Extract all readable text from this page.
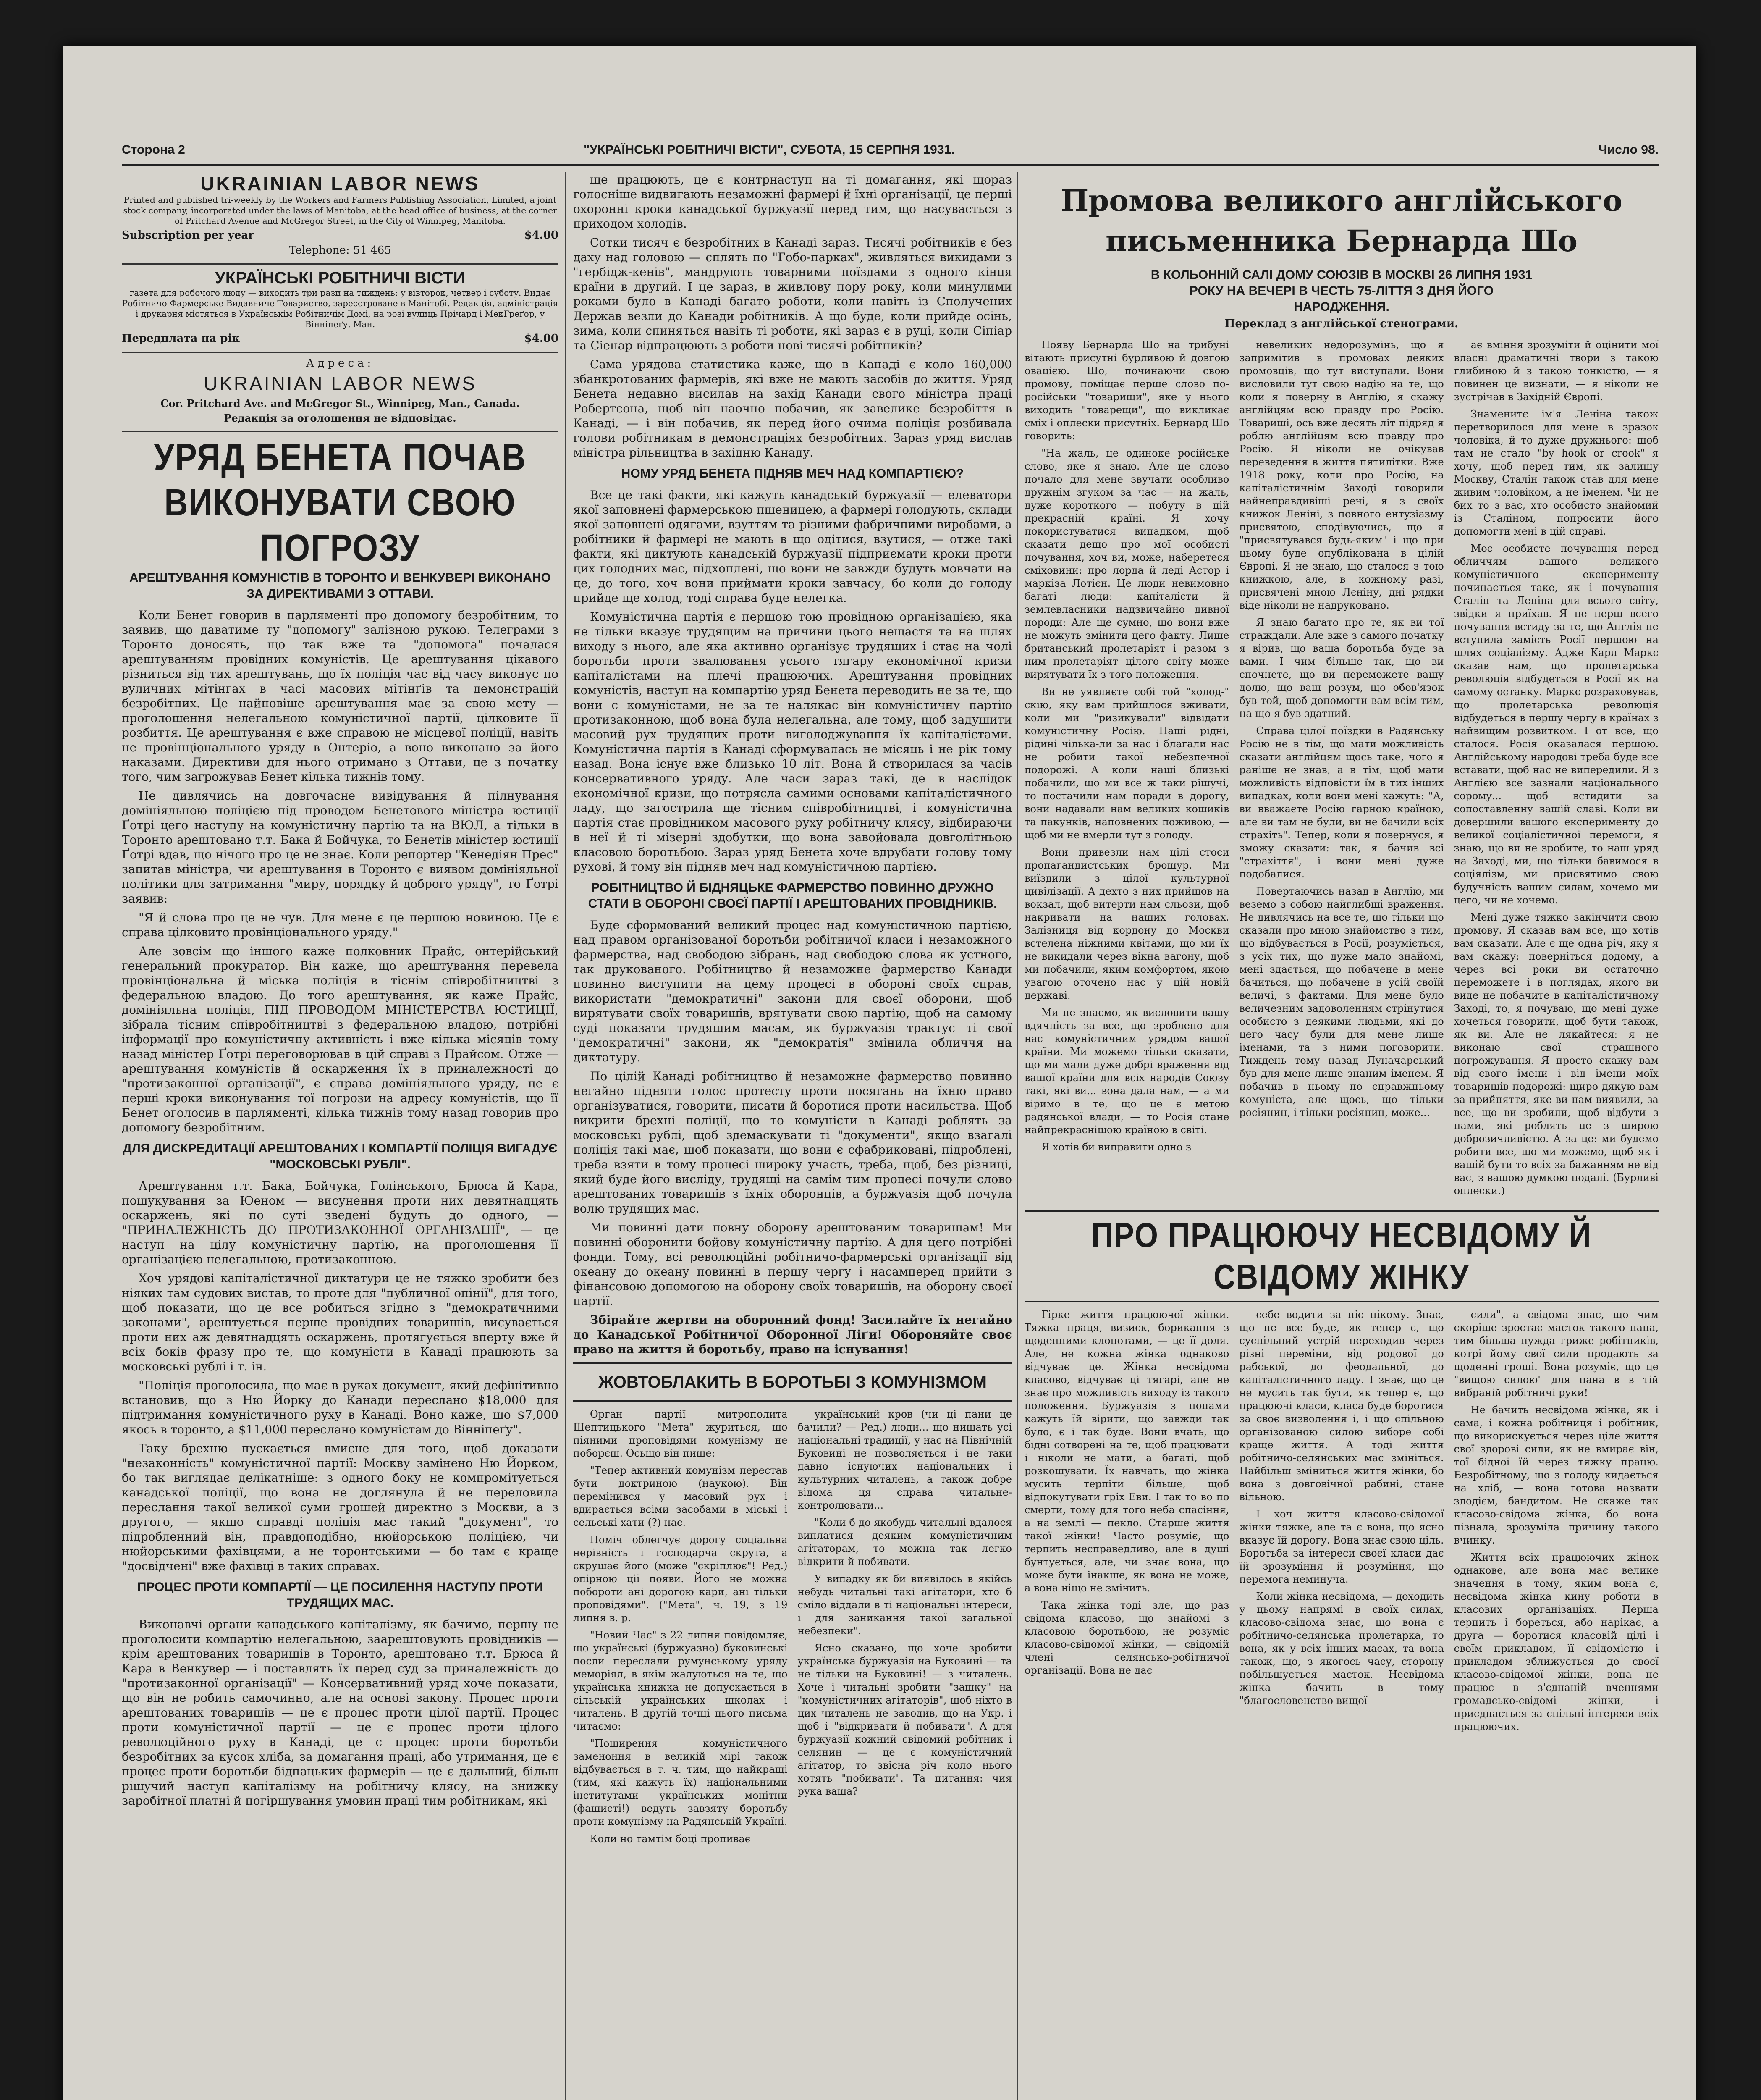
Сторона 2	"УКРАЇНСЬКІ РОБІТНИЧІ ВІСТИ", СУБОТА, 15 СЕРПНЯ 1931.	Число 98.
UKRAINIAN LABOR NEWS
Printed and published tri-weekly by the Workers and Farmers Publishing Association, Limited, a joint stock company, incorporated under the laws of Manitoba, at the head office of business, at the corner of Pritchard Avenue and McGregor Street, in the City of Winnipeg, Manitoba.
Subscription per year	$4.00
Telephone: 51 465
УКРАЇНСЬКІ РОБІТНИЧІ ВІСТИ
газета для робочого люду — виходить три рази на тиждень: у вівторок, четвер і суботу. Видає Робітничо-Фармерське Видавниче Товариство, зареєстроване в Манітобі. Редакція, адміністрація і друкарня містяться в Українськім Робітничім Домі, на розі вулиць Прічард і МекГреґор, у Вінніпеґу, Ман.
Передплата на рік	$4.00
Адреса:
UKRAINIAN LABOR NEWS
Cor. Pritchard Ave. and McGregor St., Winnipeg, Man., Canada.
Редакція за оголошення не відповідає.
УРЯД БЕНЕТА ПОЧАВ ВИКОНУВАТИ СВОЮ ПОГРОЗУ
АРЕШТУВАННЯ КОМУНІСТІВ В ТОРОНТО И ВЕНКУВЕРІ ВИКОНАНО ЗА ДИРЕКТИВАМИ З ОТТАВИ.

Коли Бенет говорив в парляменті про допомогу безробітним, то заявив, що даватиме ту "допомогу" залізною рукою. Телеграми з Торонто доносять, що так вже та "допомога" почалася арештуванням провідних комуністів. Це арештування цікавого різниться від тих арештувань, що їх поліція чає від часу виконує по вуличних мітінгах в часі масових мітінґів та демонстрацій безробітних. Це найновіше арештування має за свою мету — проголошення нелегальною комуністичної партії, цілковите її розбиття. Це арештування є вже справою не місцевої поліції, навіть не провінціонального уряду в Онтеріо, а воно виконано за його наказами. Директиви для нього отримано з Оттави, це з початку того, чим загрожував Бенет кілька тижнів тому.

Не дивлячись на довгочасне вивідування й пілнування домініяльною поліцією під проводом Бенетового міністра юстиції Ґотрі цего наступу на комуністичну партію та на ВЮЛ, а тільки в Торонто арештовано т.т. Бака й Бойчука, то Бенетів міністер юстиції Ґотрі вдав, що нічого про це не знає. Коли репортер "Кенедіян Прес" запитав міністра, чи арештування в Торонто є виявом домініяльної політики для затримання "миру, порядку й доброго уряду", то Ґотрі заявив:

"Я й слова про це не чув. Для мене є це першою новиною. Це є справа цілковито провінціонального уряду."

Але зовсім що іншого каже полковник Прайс, онтерійський генеральний прокуратор. Він каже, що арештування перевела провінціональна й міська поліція в тіснім співробітництві з федеральною владою. До того арештування, як каже Прайс, домініяльна поліція, ПІД ПРОВОДОМ МІНІСТЕРСТВА ЮСТИЦІЇ, зібрала тісним співробітництві з федеральною владою, потрібні інформації про комуністичну активність і вже кілька місяців тому назад міністер Ґотрі переговорював в цій справі з Прайсом. Отже — арештування комуністів й оскарження їх в приналежності до "протизаконної організації", є справа домініяльного уряду, це є перші кроки виконування тої погрози на адресу комуністів, що її Бенет оголосив в парляменті, кілька тижнів тому назад говорив про допомогу безробітним.

ДЛЯ ДИСКРЕДИТАЦІЇ АРЕШТОВАНИХ І КОМПАРТІЇ ПОЛІЦІЯ ВИГАДУЄ "МОСКОВСЬКІ РУБЛІ".

Арештування т.т. Бака, Бойчука, Голінського, Брюса й Кара, пошукування за Юеном — висунення проти них девятнадцять оскаржень, які по суті зведені будуть до одного, — "ПРИНАЛЕЖНІСТЬ ДО ПРОТИЗАКОННОЇ ОРГАНІЗАЦІЇ", — це наступ на цілу комуністичну партію, на проголошення її організацією нелегальною, протизаконною.

Хоч урядові капіталістичної диктатури це не тяжко зробити без ніяких там судових вистав, то проте для "публичної опінії", для того, щоб показати, що це все робиться згідно з "демократичними законами", арештується перше провідних товаришів, висувається проти них аж девятнадцять оскаржень, протягується вперту вже й всіх боків фразу про те, що комуністи в Канаді працюють за московські рублі і т. ін.

"Поліція проголосила, що має в руках документ, який дефінітивно встановив, що з Ню Йорку до Канади переслано $18,000 для підтримання комуністичного руху в Канаді. Воно каже, що $7,000 якось в торонто, а $11,000 переслано комуністам до Вінніпеґу".

Таку брехню пускається вмисне для того, щоб доказати "незаконність" комуністичної партії: Москву замінено Ню Йорком, бо так виглядає делікатніше: з одного боку не компромітується канадської поліції, що вона не доглянула й не переловила переслання такої великої суми грошей директно з Москви, а з другого, — якщо справді поліція має такий "документ", то підробленний він, правдоподібно, нюйорською поліцією, чи нюйорськими фахівцями, а не торонтськими — бо там є краще "досвідчені" вже фахівці в таких справах.

ПРОЦЕС ПРОТИ КОМПАРТІЇ — ЦЕ ПОСИЛЕННЯ НАСТУПУ ПРОТИ ТРУДЯЩИХ МАС.

Виконавчі органи канадського капіталізму, як бачимо, першу не проголосити компартію нелегальною, заарештовують провідників — крім арештованих товаришів в Торонто, арештовано т.т. Брюса й Кара в Венкувер — і поставлять їх перед суд за приналежність до "протизаконної організації" — Консервативний уряд хоче показати, що він не робить самочинно, але на основі закону. Процес проти арештованих товаришів — це є процес проти цілої партії. Процес проти комуністичної партії — це є процес проти цілого революційного руху в Канаді, це є процес проти боротьби безробітних за кусок хліба, за домагання праці, або утримання, це є процес проти боротьби біднацьких фармерів — це є дальший, більш рішучий наступ капіталізму на робітничу клясу, на знижку заробітної платні й погіршування умовин праці тим робітникам, які

ще працюють, це є контрнаступ на ті домагання, які щораз голосніше видвигають незаможні фармері й їхні організації, це перші охоронні кроки канадської буржуазії перед тим, що насувається з приходом холодів.

Сотки тисяч є безробітних в Канаді зараз. Тисячі робітників є без даху над головою — сплять по "Гобо-парках", живляться викидами з "ґербідж-кенів", мандрують товарними поїздами з одного кінця країни в другий. І це зараз, в живлову пору року, коли минулими роками було в Канаді багато роботи, коли навіть із Сполучених Держав везли до Канади робітників. А що буде, коли прийде осінь, зима, коли спиняться навіть ті роботи, які зараз є в руці, коли Сіпіар та Сіенар відпрацюють з роботи нові тисячі робітників?

Сама урядова статистика каже, що в Канаді є коло 160,000 збанкротованих фармерів, які вже не мають засобів до життя. Уряд Бенета недавно висилав на захід Канади свого міністра праці Робертсона, щоб він наочно побачив, як завелике безробіття в Канаді, — і він побачив, як перед його очима поліція розбивала голови робітникам в демонстраціях безробітних. Зараз уряд вислав міністра рільництва в західню Канаду.

НОМУ УРЯД БЕНЕТА ПІДНЯВ МЕЧ НАД КОМПАРТІЄЮ?

Все це такі факти, які кажуть канадській буржуазії — елеватори якої заповнені фармерською пшеницею, а фармері голодують, склади якої заповнені одягами, взуттям та різними фабричними виробами, а робітники й фармері не мають в що одітися, взутися, — отже такі факти, які диктують канадській буржуазії підприємати кроки проти цих голодних мас, підхоплені, що вони не завжди будуть мовчати на це, до того, хоч вони приймати кроки завчасу, бо коли до голоду прийде ще холод, тоді справа буде нелегка.

Комуністична партія є першою тою провідною організацією, яка не тільки вказує трудящим на причини цього нещастя та на шлях виходу з нього, але яка активно організує трудящих і стає на чолі боротьби проти звалювання усього тягару економічної кризи капіталістами на плечі працюючих. Арештування провідних комуністів, наступ на компартію уряд Бенета переводить не за те, що вони є комуністами, не за те налякає він комуністичну партію протизаконною, щоб вона була нелегальна, але тому, щоб задушити масовий рух трудящих проти виголоджування їх капіталістами. Комуністична партія в Канаді сформувалась не місяць і не рік тому назад. Вона існує вже близько 10 літ. Вона й створилася за часів консервативного уряду. Але часи зараз такі, де в наслідок економічної кризи, що потрясла самими основами капіталістичного ладу, що загострила ще тісним співробітництві, і комуністична партія стає провідником масового руху робітничу клясу, відбираючи в неї й ті мізерні здобутки, що вона завойовала довголітньою класовою боротьбою. Зараз уряд Бенета хоче вдрубати голову тому рухові, й тому він підняв меч над комуністичною партією.

РОБІТНИЦТВО Й БІДНЯЦЬКЕ ФАРМЕРСТВО ПОВИННО ДРУЖНО СТАТИ В ОБОРОНІ СВОЄЇ ПАРТІЇ І АРЕШТОВАНИХ ПРОВІДНИКІВ.

Буде сформований великий процес над комуністичною партією, над правом організованої боротьби робітничої класи і незаможного фармерства, над свободою зібрань, над свободою слова як устного, так друкованого. Робітництво й незаможне фармерство Канади повинно виступити на цему процесі в обороні своїх справ, використати "демократичні" закони для своєї оборони, щоб вирятувати своїх товаришів, врятувати свою партію, щоб на самому суді показати трудящим масам, як буржуазія трактує ті свої "демократичні" закони, як "демократія" змінила обличчя на диктатуру.

По цілій Канаді робітництво й незаможне фармерство повинно негайно підняти голос протесту проти посягань на їхню право організуватися, говорити, писати й боротися проти насильства. Щоб викрити брехні поліції, що то комуністи в Канаді роблять за московські рублі, щоб здемаскувати ті "документи", якщо взагалі поліція такі має, щоб показати, що вони є сфабриковані, підроблені, треба взяти в тому процесі широку участь, треба, щоб, без різниці, який буде його висліду, трудящі на самім тим процесі почули слово арештованих товаришів з їхніх оборонців, а буржуазія щоб почула волю трудящих мас.

Ми повинні дати повну оборону арештованим товаришам! Ми повинні оборонити бойову комуністичну партію. А для цего потрібні фонди. Тому, всі революційні робітничо-фармерські організації від океану до океану повинні в першу чергу і насамперед прийти з фінансовою допомогою на оборону своїх товаришів, на оборону своєї партії.

Збірайте жертви на оборонний фонд! Засилайте їх негайно до Канадської Робітничої Оборонної Ліґи! Обороняйте своє право на життя й боротьбу, право на існування!

ЖОВТОБЛАКИТЬ В БОРОТЬБІ З КОМУНІЗМОМ

Орган партії митрополита Шептицького "Мета" журиться, що піяними проповідями комунізму не поборєш. Осьщо він пише:

"Тепер активний комунізм перестав бути доктриною (наукою). Він перемінився у масовий рух і вдирається всіми засобами в міські і сельські хати (?) нас.

Поміч облегчує дорогу соціальна нерівність і господарча скрута, а скрушає його (може "скріплює"! Ред.) опірною ції появи. Його не можна побороти ані дорогою кари, ані тільки проповідями". ("Мета", ч. 19, з 19 липня в. р.

"Новий Час" з 22 липня повідомляє, що українські (буржуазно) буковинські посли переслали румунському уряду меморіял, в якім жалуються на те, що українська книжка не допускається в сільській українських школах і читалень. В другій точці цього письма читаємо:

"Поширення комуністичного заменоння в великій мірі також відбувається в т. ч. тим, що найкращі (тим, які кажуть їх) національними інститутами українських монітни (фашисті!) ведуть завзяту боротьбу проти комунізму на Радянській Україні.

Коли но тамтім боці пропиває

український кров (чи ці пани це бачили? — Ред.) люди... що нищать усі національні традиції, у нас на Північній Буковині не позволяється і не таки давно існуючих національних і культурних читалень, а також добре відома ця справа читальне-контролювати...

"Коли б до якобудь читальні вдалося виплатися деяким комуністичним агітаторам, то можна так легко відкрити й побивати.

У випадку як би виявілось в якійсь небудь читальні такі агітатори, хто б сміло віддали в ті національні інтереси, і для заникання такої загальної небезпеки".

Ясно сказано, що хоче зробити українська буржуазія на Буковині — та не тільки на Буковині! — з читалень. Хоче і читальні зробити "зашку" на "комуністичних агітаторів", щоб ніхто в цих читалень не заводив, що на Укр. і щоб і "відкривати й побивати". А для буржуазії кожний свідомий робітник і селянин — це є комуністичний агітатор, то звісна річ коло нього хотять "побивати". Та питання: чия рука ваща?

Промова великого англійського письменника Бернарда Шо
В КОЛЬОННІЙ САЛІ ДОМУ СОЮЗІВ В МОСКВІ 26 ЛИПНЯ 1931 РОКУ НА ВЕЧЕРІ В ЧЕСТЬ 75-ЛІТТЯ З ДНЯ ЙОГО НАРОДЖЕННЯ.
Переклад з англійської стенограми.

Появу Бернарда Шо на трибуні вітають присутні бурливою й довгою овацією. Шо, починаючи свою промову, поміщає перше слово по-російськи "товарищи", яке у нього виходить "товарещи", що викликає сміх і оплески присутніх. Бернард Шо говорить:

"На жаль, це одиноке російське слово, яке я знаю. Але це слово почало для мене звучати особливо дружнім згуком за час — на жаль, дуже короткого — побуту в цій прекрасній країні. Я хочу покористуватися випадком, щоб сказати дещо про мої особисті почування, хоч ви, може, наберетеся сміховини: про лорда й леді Астор і маркіза Лотієн. Це люди невимовно багаті люди: капіталісти й землевласники надзвичайно дивної породи: Але ще сумно, що вони вже не можуть змінити цего факту. Лише британський пролетаріят і разом з ним пролетаріят цілого світу може вирятувати їх з того положення.

Ви не уявляєте собі той "холод-" скію, яку вам прийшлося вживати, коли ми "ризикували" відвідати комуністичну Росію. Наші рідні, рідині чілька-ли за нас і благали нас не робити такої небезпечної подорожі. А коли наші близькі побачили, що ми все ж таки рішучі, то постачили нам поради в дорогу, вони надавали нам великих кошиків та пакунків, наповнених поживою, — щоб ми не вмерли тут з голоду.

Вони привезли нам цілі стоси пропагандистських брошур. Ми виїздили з цілої культурної цивілізації. А дехто з них прийшов на вокзал, щоб витерти нам сльози, щоб накривати на наших головах. Залізниця від кордону до Москви встелена ніжними квітами, що ми їх не викидали через вікна вагону, щоб ми побачили, яким комфортом, якою увагою оточено нас у цій новій державі.

Ми не знаємо, як висловити вашу вдячність за все, що зроблено для нас комуністичним урядом вашої країни. Ми можемо тільки сказати, що ми мали дуже добрі враження від вашої країни для всіх народів Союзу такі, які ви... вона дала нам, — а ми віримо в те, що це є метою радянської влади, — то Росія стане найпрекраснішою країною в світі.

Я хотів би виправити одно з

невеликих недорозумінь, що я запримітив в промовах деяких промовців, що тут виступали. Вони висловили тут свою надію на те, що коли я поверну в Англію, я скажу англійцям всю правду про Росію. Товариші, ось вже десять літ підряд я роблю англійцям всю правду про Росію. Я ніколи не очікував переведення в життя пятилітки. Вже 1918 року, коли про Росію, на капіталістичнім Заході говорили найнеправдивіші речі, я з своїх книжок Леніні, з повного ентузіазму присвятою, сподівуючись, що я "присвятувався будь-яким" і що при цьому буде опублікована в цілій Європі. Я не знаю, що сталося з тою книжкою, але, в кожному разі, присвячені мною Лєніну, дні рядки віде ніколи не надруковано.

Я знаю багато про те, як ви тої страждали. Але вже з самого початку я вірив, що ваша боротьба буде за вами. І чим більше так, що ви спочнете, що ви переможете вашу долю, що ваш розум, що обов'язок був той, щоб допомогти вам всім тим, на що я був здатний.

Справа цілої поїздки в Радянську Росію не в тім, що мати можливість сказати англійцям щось таке, чого я раніше не знав, а в тім, щоб мати можливість відповісти їм в тих інших випадках, коли вони мені кажуть: "А, ви вважаєте Росію гарною країною, але ви там не були, ви не бачили всіх страхіть". Тепер, коли я повернуся, я зможу сказати: так, я бачив всі "страхіття", і вони мені дуже подобалися.

Повертаючись назад в Англію, ми веземо з собою найглибші враження. Не дивлячись на все те, що тільки що сказали про мною знайомство з тим, що відбувається в Росії, розуміється, з усіх тих, що дуже мало знайомі, мені здається, що побачене в мене бачиться, що побачене в усій своїй величі, з фактами. Для мене було величезним задоволенням стрінутися особисто з деякими людьми, які до цего часу були для мене лише іменами, та з ними поговорити. Тиждень тому назад Луначарський був для мене лише знаним іменем. Я побачив в ньому по справжньому комуніста, але щось, що тільки росіянин, і тільки росіянин, може...

ає вміння зрозуміти й оцінити мої власні драматичні твори з такою глибиною й з такою тонкістю, — я повинен це визнати, — я ніколи не зустрічав в Західній Європі.

Знаменитє ім'я Леніна також перетворилося для мене в зразок чоловіка, й то дуже дружнього: щоб там не стало "by hook or crook" я хочу, щоб перед тим, як залишу Москву, Сталін також став для мене живим чоловіком, а не іменем. Чи не бих то з вас, хто особисто знайомий із Сталіном, попросити його допомогти мені в цій справі.

Моє особисте почування перед обличчям вашого великого комуністичного експерименту починається таке, як і почування Сталін та Леніна для всього світу, звідки я приїхав. Я не перш всего почування встиду за те, що Англія не вступила замість Росії першою на шлях соціалізму. Адже Карл Маркс сказав нам, що пролетарська революція відбудеться в Росії як на самому останку. Маркс розраховував, що пролетарська революція відбудеться в першу чергу в країнах з найвищим розвитком. І от все, що сталося. Росія оказалася першою. Англійському народові треба буде все вставати, щоб нас не випередили. Я з Англією все зазнали національного сорому... щоб встидити за сопоставленну вашій славі. Коли ви довершили вашого експерименту до великої соціалістичної перемоги, я знаю, що ви не зробите, то наш уряд на Заході, ми, що тільки бавимося в соціялізм, ми присвятимо свою будучність вашим силам, хочемо ми цего, чи не хочемо.

Мені дуже тяжко закінчити свою промову. Я сказав вам все, що хотів вам сказати. Але є ще одна річ, яку я вам скажу: поверніться додому, а через всі роки ви остаточно переможете і в поглядах, якого ви виде не побачите в капіталістичному Заході, то, я почуваю, що мені дуже хочеться говорити, щоб бути також, як ви. Але не лякайтеся: я не виконаю свої страшного погрожування. Я просто скажу вам від свого імени і від імени моїх товаришів подорожі: щиро дякую вам за прийняття, яке ви нам виявили, за все, що ви зробили, щоб відбути з нами, які роблять це з щирою доброзичливістю. А за це: ми будемо робити все, що ми можемо, щоб як і вашій бути то всіх за бажанням не від вас, з вашою думкою подалі. (Бурливі оплески.)

ПРО ПРАЦЮЮЧУ НЕСВІДОМУ Й СВІДОМУ ЖІНКУ

Гірке життя працюючої жінки. Тяжка праця, визиск, борикання з щоденними клопотами, — це її доля. Але, не кожна жінка однаково відчуває це. Жінка несвідома класово, відчуває ці тягарі, але не знає про можливість виходу із такого положення. Буржуазія з попами кажуть їй вірити, що завжди так було, є і так буде. Вони вчать, що бідні сотворені на те, щоб працювати і ніколи не мати, а багаті, щоб розкошувати. Їх навчать, що жінка мусить терпіти більше, щоб відпокутувати гріх Еви. І так то во по смерти, тому для того неба спасіння, а на землі — пекло. Старше життя такої жінки! Часто розуміє, що терпить несправедливо, але в душі бунтується, але, чи знає вона, що може бути інакше, як вона не може, а вона ніщо не змінить.

Така жінка тоді зле, що раз свідома класово, що знайомі з класовою боротьбою, не розуміє класово-свідомої жінки, — свідомій члені селянсько-робітничої організації. Вона не дає

себе водити за ніс нікому. Знає, що не все буде, як тепер є, що суспільний устрій переходив через різні переміни, від родової до рабської, до феодальної, до капіталістичного ладу. І знає, що це не мусить так бути, як тепер є, що працюючі класи, класа буде боротися за своє визволення і, і що спільною організованою силою виборе собі краще життя. А тоді життя робітничо-селянських мас змініться. Найбільш зміниться життя жінки, бо вона з довговічної рабині, стане вільною.

І хоч життя класово-свідомої жінки тяжке, але та є вона, що ясно вказує їй дорогу. Вона знає свою ціль. Боротьба за інтереси своєї класи дає їй зрозуміння й розуміння, що перемога неминуча.

Коли жінка несвідома, — доходить у цьому напрямі в своїх силах, класово-свідома знає, що вона є робітничо-селянська пролетарка, то вона, як у всіх інших масах, та вона також, що, з якогось часу, сторону побільшується маєток. Несвідома жінка бачить в тому "благословенство вищої

сили", а свідома знає, що чим скоріше зростає маєток такого пана, тим більша нужда гриже робітників, котрі йому свої сили продають за щоденні гроші. Вона розуміє, що це "вищою силою" для пана в в тій вибраній робітничі руки!

Не бачить несвідома жінка, як і сама, і кожна робітниця і робітник, що викорискується через ціле життя свої здорові сили, як не вмирає він, тої бідної їй через тяжку працю. Безробітному, що з голоду кидається на хліб, — вона готова назвати злодієм, бандитом. Не скаже так класово-свідома жінка, бо вона пізнала, зрозуміла причину такого вчинку.

Життя всіх працюючих жінок однакове, але вона має велике значення в тому, яким вона є, несвідома жінка кину роботи в класових організаціях. Перша терпить і бореться, або нарікає, а друга — боротися класовій цілі і своїм прикладом, її свідомістю і прикладом зближується до своєї класово-свідомої жінки, вона не працює в з'єднаній вченнями громадсько-свідомі жінки, і приєднається за спільні інтереси всіх працюючих.
